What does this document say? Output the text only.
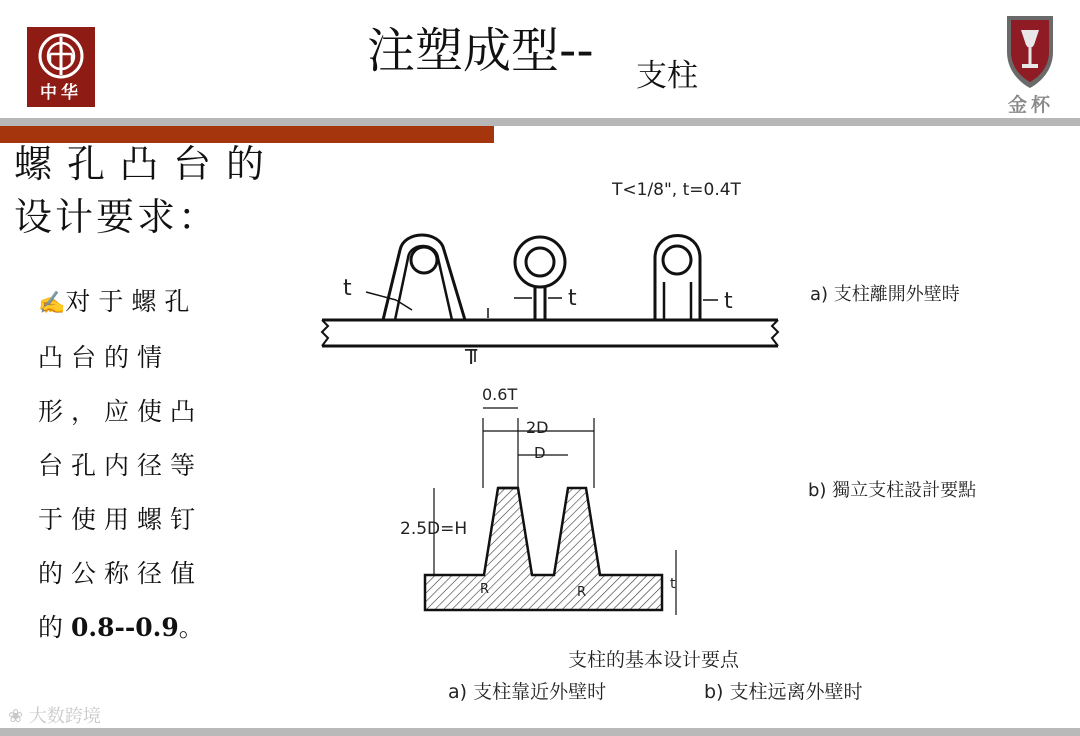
中华
注塑成型-- 支柱
金杯
螺孔凸台的
设计要求：
✍对于螺孔
凸台的情
形，应使凸
台孔内径等
于使用螺钉
的公称径值
的0.8--0.9。
T<1/8", t=0.4T
t	t	t
T
a) 支柱離開外壁時
0.6T
2D
D
2.5D=H
R	R
t
b) 獨立支柱設計要點
支柱的基本设计要点
a) 支柱靠近外壁时	b) 支柱远离外壁时
❀ 大数跨境
